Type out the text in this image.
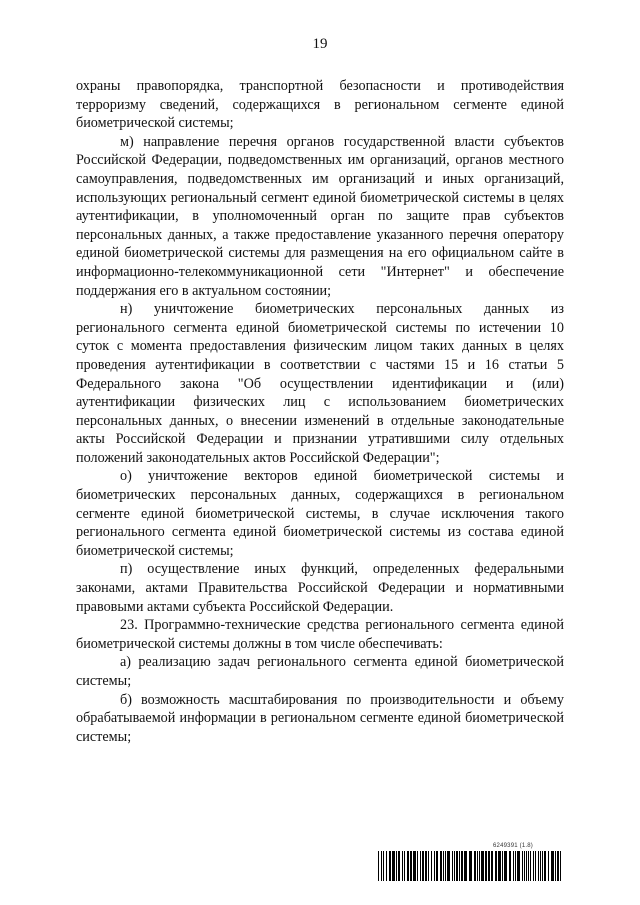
19

охраны правопорядка, транспортной безопасности и противодействия терроризму сведений, содержащихся в региональном сегменте единой биометрической системы;

м) направление перечня органов государственной власти субъектов Российской Федерации, подведомственных им организаций, органов местного самоуправления, подведомственных им организаций и иных организаций, использующих региональный сегмент единой биометрической системы в целях аутентификации, в уполномоченный орган по защите прав субъектов персональных данных, а также предоставление указанного перечня оператору единой биометрической системы для размещения на его официальном сайте в информационно-телекоммуникационной сети "Интернет" и обеспечение поддержания его в актуальном состоянии;

н) уничтожение биометрических персональных данных из регионального сегмента единой биометрической системы по истечении 10 суток с момента предоставления физическим лицом таких данных в целях проведения аутентификации в соответствии с частями 15 и 16 статьи 5 Федерального закона "Об осуществлении идентификации и (или) аутентификации физических лиц с использованием биометрических персональных данных, о внесении изменений в отдельные законодательные акты Российской Федерации и признании утратившими силу отдельных положений законодательных актов Российской Федерации";

о) уничтожение векторов единой биометрической системы и биометрических персональных данных, содержащихся в региональном сегменте единой биометрической системы, в случае исключения такого регионального сегмента единой биометрической системы из состава единой биометрической системы;

п) осуществление иных функций, определенных федеральными законами, актами Правительства Российской Федерации и нормативными правовыми актами субъекта Российской Федерации.

23. Программно-технические средства регионального сегмента единой биометрической системы должны в том числе обеспечивать:

а) реализацию задач регионального сегмента единой биометрической системы;

б) возможность масштабирования по производительности и объему обрабатываемой информации в региональном сегменте единой биометрической системы;

6249391 (1.8)
